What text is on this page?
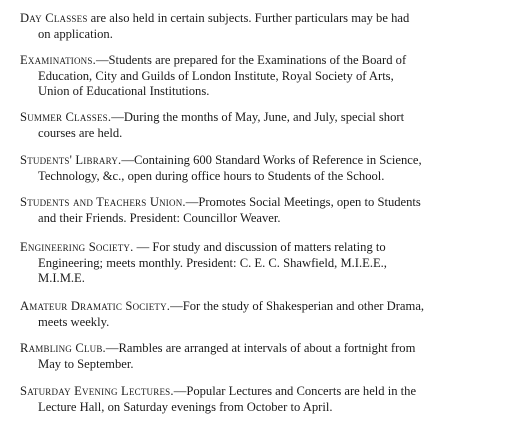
Day Classes are also held in certain subjects. Further particulars may be had
on application.
Examinations.—Students are prepared for the Examinations of the Board of
Education, City and Guilds of London Institute, Royal Society of Arts,
Union of Educational Institutions.
Summer Classes.—During the months of May, June, and July, special short
courses are held.
Students' Library.—Containing 600 Standard Works of Reference in Science,
Technology, &c., open during office hours to Students of the School.
Students and Teachers Union.—Promotes Social Meetings, open to Students
and their Friends. President: Councillor Weaver.
Engineering Society. — For study and discussion of matters relating to
Engineering; meets monthly. President: C. E. C. Shawfield, M.I.E.E.,
M.I.M.E.
Amateur Dramatic Society.—For the study of Shakesperian and other Drama,
meets weekly.
Rambling Club.—Rambles are arranged at intervals of about a fortnight from
May to September.
Saturday Evening Lectures.—Popular Lectures and Concerts are held in the
Lecture Hall, on Saturday evenings from October to April.
